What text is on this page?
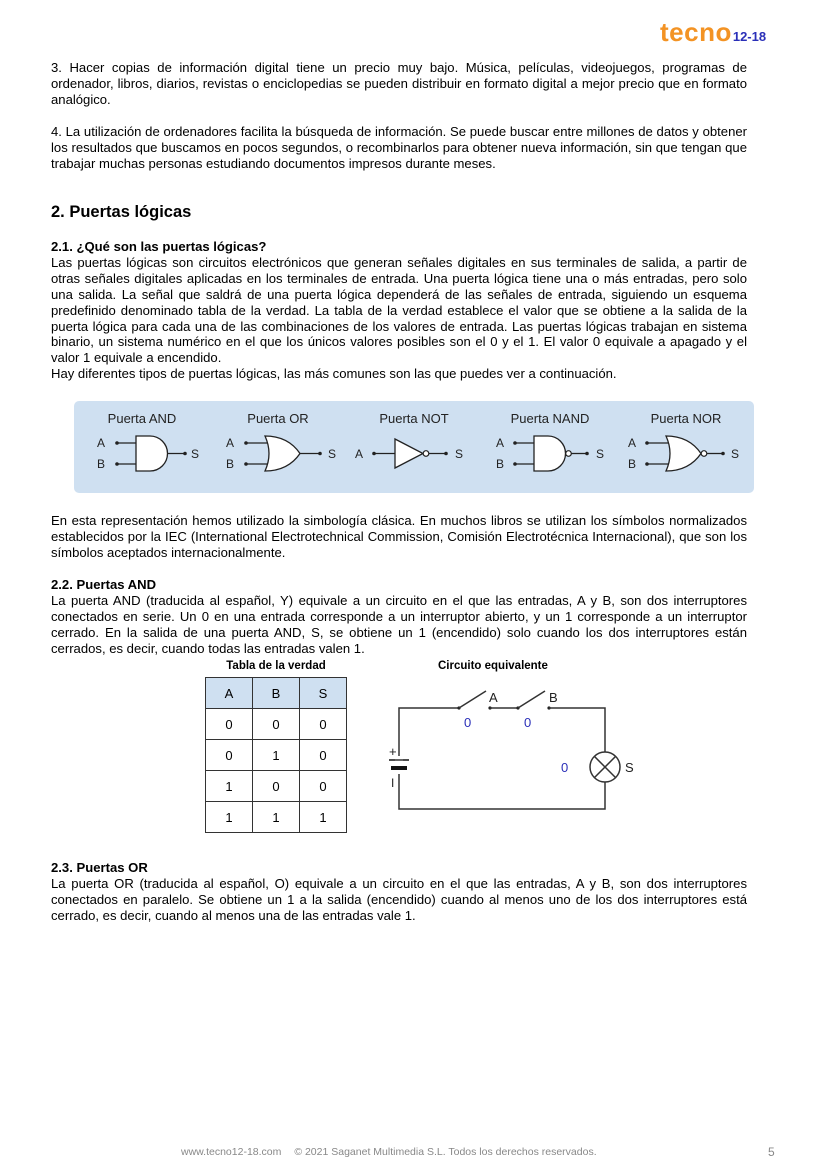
tecno12-18

3. Hacer copias de información digital tiene un precio muy bajo. Música, películas, videojuegos, programas de ordenador, libros, diarios, revistas o enciclopedias se pueden distribuir en formato digital a mejor precio que en formato analógico.

4. La utilización de ordenadores facilita la búsqueda de información. Se puede buscar entre millones de datos y obtener los resultados que buscamos en pocos segundos, o recombinarlos para obtener nueva información, sin que tengan que trabajar muchas personas estudiando documentos impresos durante meses.

2. Puertas lógicas
2.1. ¿Qué son las puertas lógicas?

Las puertas lógicas son circuitos electrónicos que generan señales digitales en sus terminales de salida, a partir de otras señales digitales aplicadas en los terminales de entrada. Una puerta lógica tiene una o más entradas, pero solo una salida. La señal que saldrá de una puerta lógica dependerá de las señales de entrada, siguiendo un esquema predefinido denominado tabla de la verdad. La tabla de la verdad establece el valor que se obtiene a la salida de la puerta lógica para cada una de las combinaciones de los valores de entrada. Las puertas lógicas trabajan en sistema binario, un sistema numérico en el que los únicos valores posibles son el 0 y el 1. El valor 0 equivale a apagado y el valor 1 equivale a encendido.

Hay diferentes tipos de puertas lógicas, las más comunes son las que puedes ver a continuación.

Puerta AND
A
B
S
Puerta OR
A
B
S
Puerta NOT
A	S
Puerta NAND
A
B
S
Puerta NOR
A
B
S

En esta representación hemos utilizado la simbología clásica. En muchos libros se utilizan los símbolos normalizados establecidos por la IEC (International Electrotechnical Commission, Comisión Electrotécnica Internacional), que son los símbolos aceptados internacionalmente.

2.2. Puertas AND

La puerta AND (traducida al español, Y) equivale a un circuito en el que las entradas, A y B, son dos interruptores conectados en serie. Un 0 en una entrada corresponde a un interruptor abierto, y un 1 corresponde a un interruptor cerrado. En la salida de una puerta AND, S, se obtiene un 1 (encendido) solo cuando los dos interruptores están cerrados, es decir, cuando todas las entradas valen 1.

Tabla de la verdad
A	B	S
0	0	0
0	1	0
1	0	0
1	1	1
Circuito equivalente
+
I
A
0
B
0
0	S
2.3. Puertas OR

La puerta OR (traducida al español, O) equivale a un circuito en el que las entradas, A y B, son dos interruptores conectados en paralelo. Se obtiene un 1 a la salida (encendido) cuando al menos uno de los dos interruptores está cerrado, es decir, cuando al menos una de las entradas vale 1.

www.tecno12-18.com © 2021 Saganet Multimedia S.L. Todos los derechos reservados.	5
